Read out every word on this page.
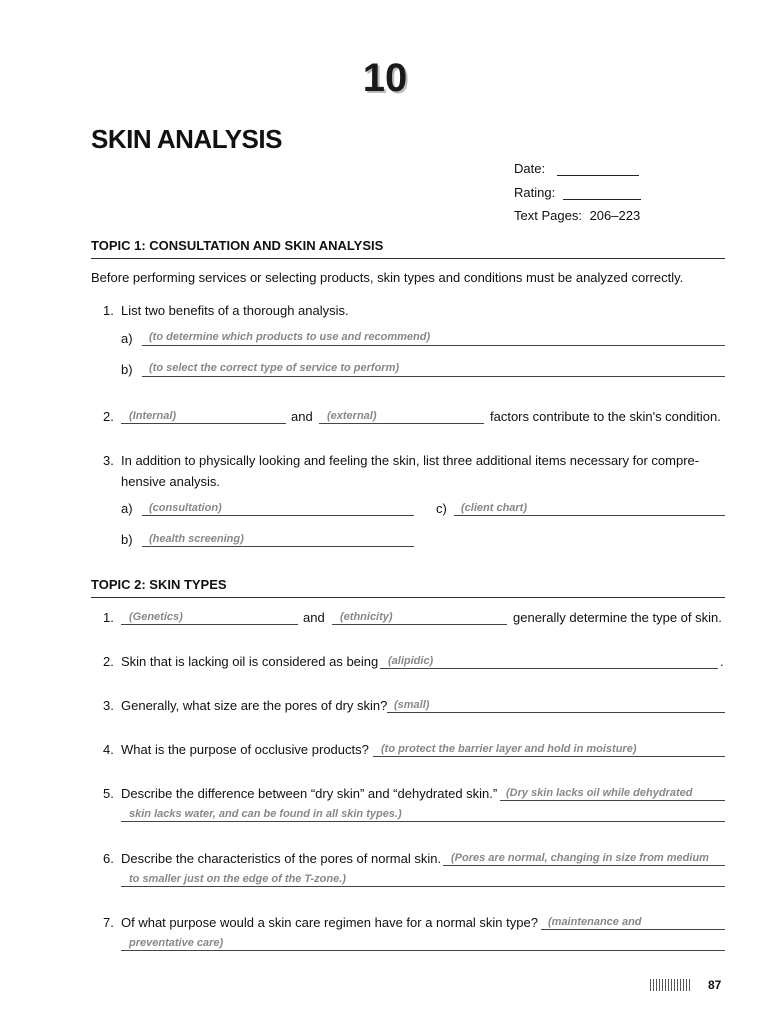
10
SKIN ANALYSIS
Date:
Rating:
Text Pages: 206–223
TOPIC 1: CONSULTATION AND SKIN ANALYSIS
Before performing services or selecting products, skin types and conditions must be analyzed correctly.
1. List two benefits of a thorough analysis.
a) (to determine which products to use and recommend)
b) (to select the correct type of service to perform)
2. (Internal)	and (external)	factors contribute to the skin's condition.
3. In addition to physically looking and feeling the skin, list three additional items necessary for compre-
hensive analysis.
a) (consultation)	c) (client chart)
b) (health screening)
TOPIC 2: SKIN TYPES
1. (Genetics)	and (ethnicity)	generally determine the type of skin.
2. Skin that is lacking oil is considered as being (alipidic)	.
3. Generally, what size are the pores of dry skin? (small)
4. What is the purpose of occlusive products? (to protect the barrier layer and hold in moisture)
5. Describe the difference between “dry skin” and “dehydrated skin.” (Dry skin lacks oil while dehydrated
skin lacks water, and can be found in all skin types.)
6. Describe the characteristics of the pores of normal skin. (Pores are normal, changing in size from medium
to smaller just on the edge of the T-zone.)
7. Of what purpose would a skin care regimen have for a normal skin type? (maintenance and
preventative care)
87
